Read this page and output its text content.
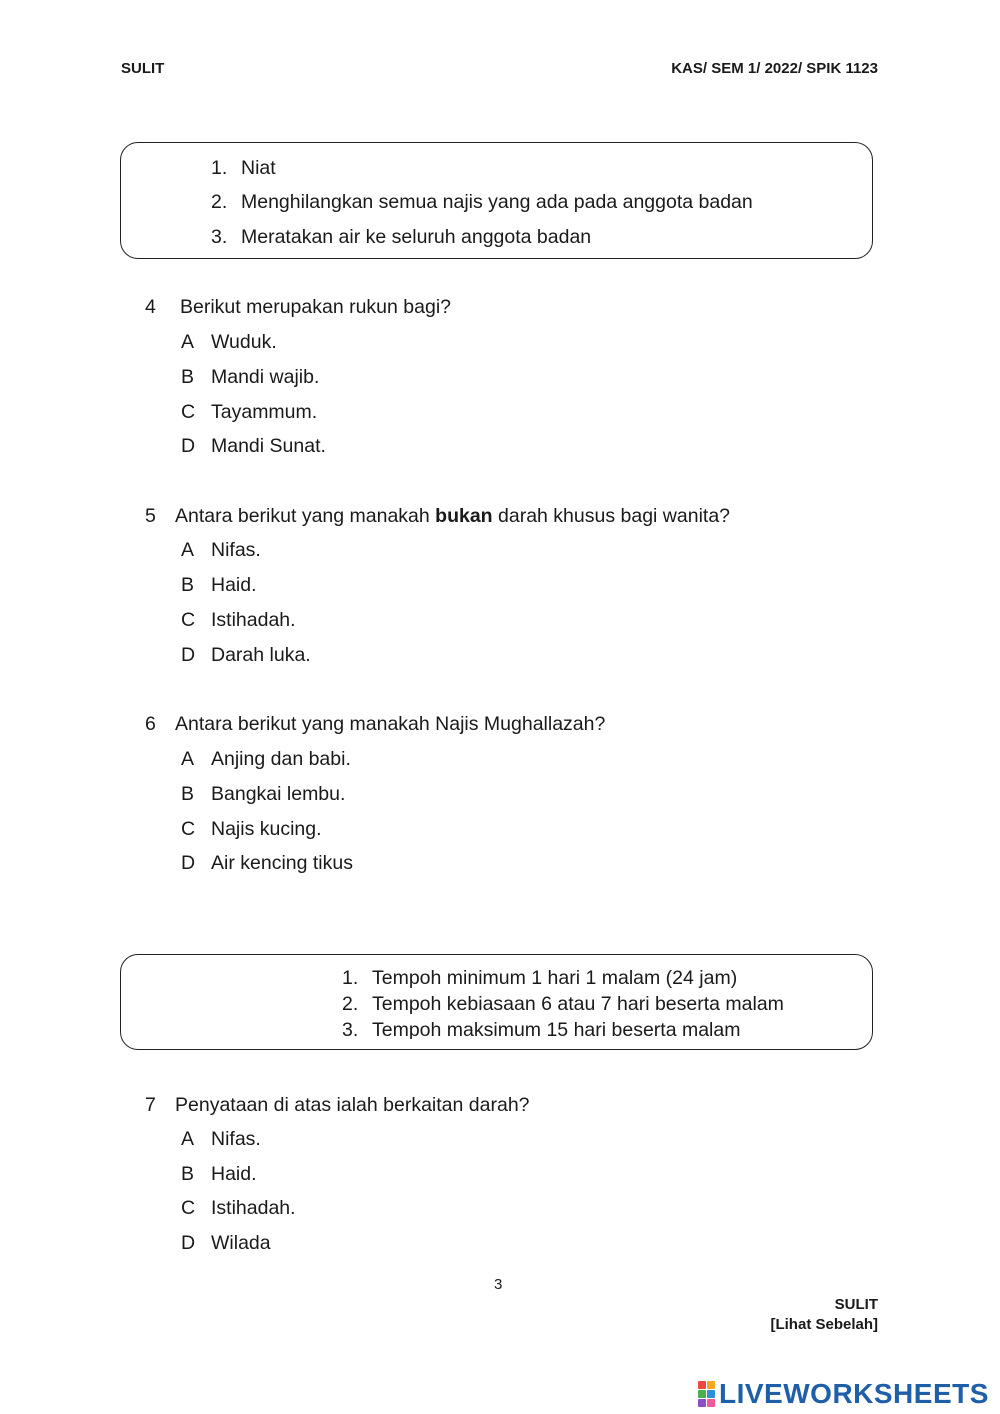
SULIT	KAS/ SEM 1/ 2022/ SPIK 1123
1. Niat
2. Menghilangkan semua najis yang ada pada anggota badan
3. Meratakan air ke seluruh anggota badan
4 Berikut merupakan rukun bagi?
A Wuduk.
B Mandi wajib.
C Tayammum.
D Mandi Sunat.
5 Antara berikut yang manakah bukan darah khusus bagi wanita?
A Nifas.
B Haid.
C Istihadah.
D Darah luka.
6 Antara berikut yang manakah Najis Mughallazah?
A Anjing dan babi.
B Bangkai lembu.
C Najis kucing.
D Air kencing tikus
1. Tempoh minimum 1 hari 1 malam (24 jam)
2. Tempoh kebiasaan 6 atau 7 hari beserta malam
3. Tempoh maksimum 15 hari beserta malam
7 Penyataan di atas ialah berkaitan darah?
A Nifas.
B Haid.
C Istihadah.
D Wilada
3
SULIT
[Lihat Sebelah]
LIVEWORKSHEETS
